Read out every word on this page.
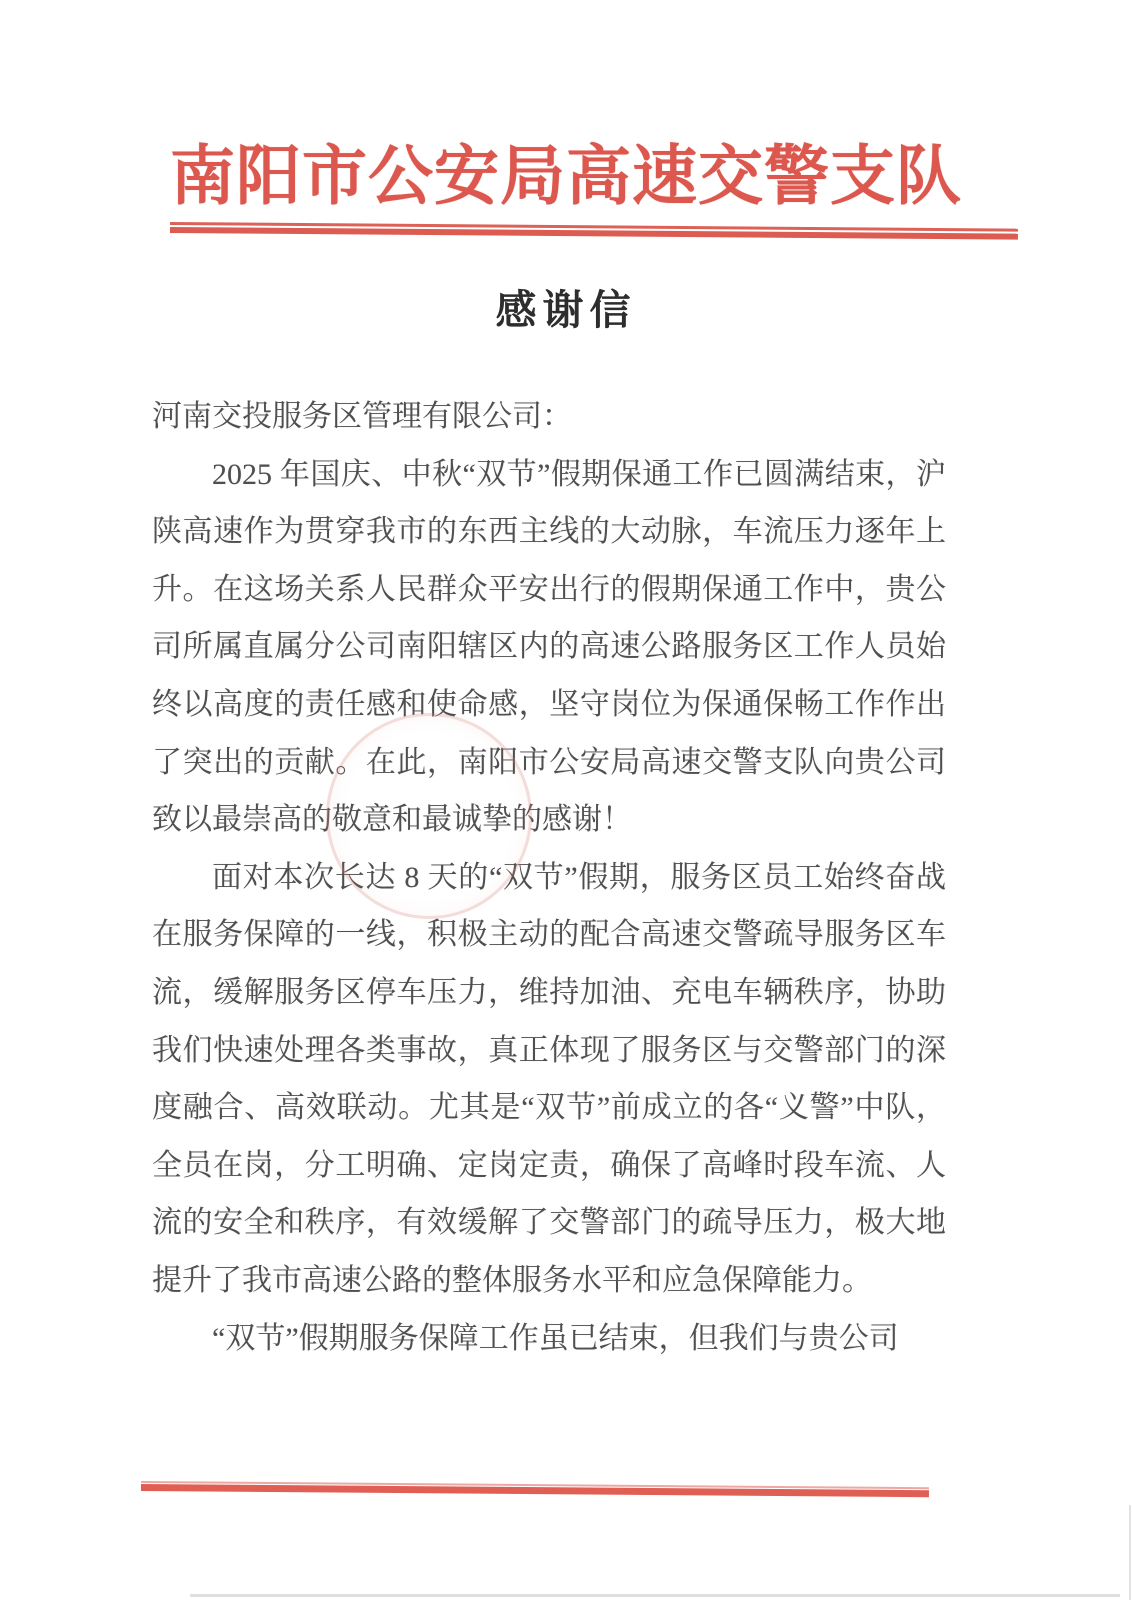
南阳市公安局高速交警支队
感谢信

河南交投服务区管理有限公司：

2025 年国庆、中秋“双节”假期保通工作已圆满结束，沪陕高速作为贯穿我市的东西主线的大动脉，车流压力逐年上升。在这场关系人民群众平安出行的假期保通工作中，贵公司所属直属分公司南阳辖区内的高速公路服务区工作人员始终以高度的责任感和使命感，坚守岗位为保通保畅工作作出了突出的贡献。在此，南阳市公安局高速交警支队向贵公司致以最崇高的敬意和最诚挚的感谢！

面对本次长达 8 天的“双节”假期，服务区员工始终奋战在服务保障的一线，积极主动的配合高速交警疏导服务区车流，缓解服务区停车压力，维持加油、充电车辆秩序，协助我们快速处理各类事故，真正体现了服务区与交警部门的深度融合、高效联动。尤其是“双节”前成立的各“义警”中队，全员在岗，分工明确、定岗定责，确保了高峰时段车流、人流的安全和秩序，有效缓解了交警部门的疏导压力，极大地提升了我市高速公路的整体服务水平和应急保障能力。

“双节”假期服务保障工作虽已结束，但我们与贵公司
